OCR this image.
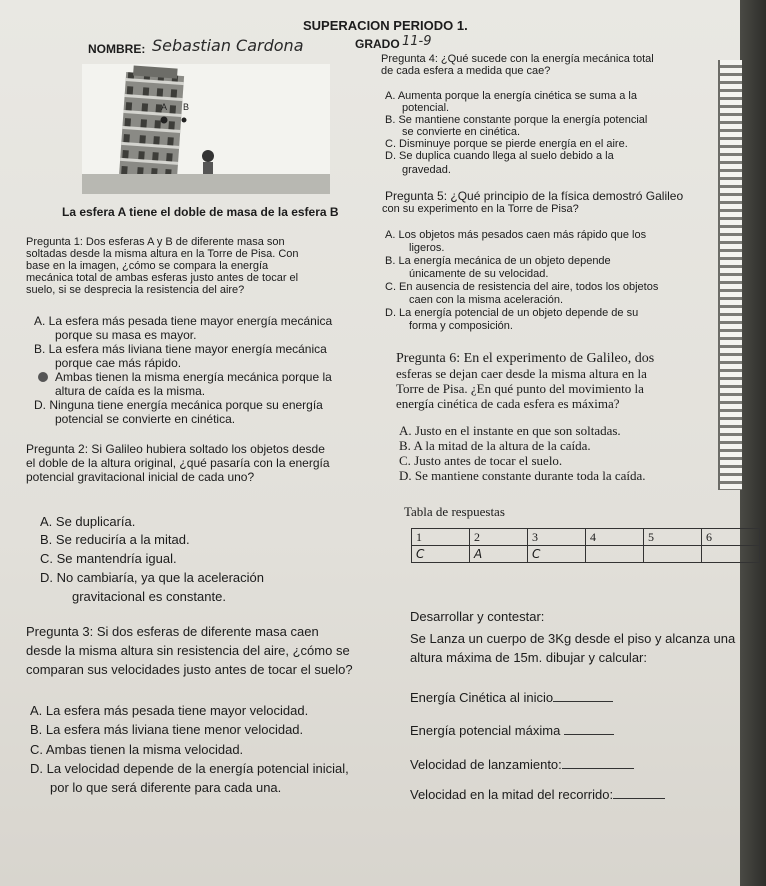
SUPERACION PERIODO 1.
NOMBRE: Sebastian Cardona	GRADO 11-9
A B
La esfera A tiene el doble de masa de la esfera B
Pregunta 1: Dos esferas A y B de diferente masa son
soltadas desde la misma altura en la Torre de Pisa. Con
base en la imagen, ¿cómo se compara la energía
mecánica total de ambas esferas justo antes de tocar el
suelo, si se desprecia la resistencia del aire?
A. La esfera más pesada tiene mayor energía mecánica
porque su masa es mayor.
B. La esfera más liviana tiene mayor energía mecánica
porque cae más rápido.
Ambas tienen la misma energía mecánica porque la
altura de caída es la misma.
D. Ninguna tiene energía mecánica porque su energía
potencial se convierte en cinética.
Pregunta 2: Si Galileo hubiera soltado los objetos desde
el doble de la altura original, ¿qué pasaría con la energía
potencial gravitacional inicial de cada uno?
A. Se duplicaría.
B. Se reduciría a la mitad.
C. Se mantendría igual.
D. No cambiaría, ya que la aceleración
gravitacional es constante.
Pregunta 3: Si dos esferas de diferente masa caen
desde la misma altura sin resistencia del aire, ¿cómo se
comparan sus velocidades justo antes de tocar el suelo?
A. La esfera más pesada tiene mayor velocidad.
B. La esfera más liviana tiene menor velocidad.
C. Ambas tienen la misma velocidad.
D. La velocidad depende de la energía potencial inicial,
por lo que será diferente para cada una.
Pregunta 4: ¿Qué sucede con la energía mecánica total
de cada esfera a medida que cae?
A. Aumenta porque la energía cinética se suma a la
potencial.
B. Se mantiene constante porque la energía potencial
se convierte en cinética.
C. Disminuye porque se pierde energía en el aire.
D. Se duplica cuando llega al suelo debido a la
gravedad.
Pregunta 5: ¿Qué principio de la física demostró Galileo
con su experimento en la Torre de Pisa?
A. Los objetos más pesados caen más rápido que los
ligeros.
B. La energía mecánica de un objeto depende
únicamente de su velocidad.
C. En ausencia de resistencia del aire, todos los objetos
caen con la misma aceleración.
D. La energía potencial de un objeto depende de su
forma y composición.
Pregunta 6: En el experimento de Galileo, dos
esferas se dejan caer desde la misma altura en la
Torre de Pisa. ¿En qué punto del movimiento la
energía cinética de cada esfera es máxima?
A. Justo en el instante en que son soltadas.
B. A la mitad de la altura de la caída.
C. Justo antes de tocar el suelo.
D. Se mantiene constante durante toda la caída.
Tabla de respuestas
1	2	3	4	5	6
C	A	C			
Desarrollar y contestar:
Se Lanza un cuerpo de 3Kg desde el piso y alcanza una
altura máxima de 15m. dibujar y calcular:
Energía Cinética al inicio
Energía potencial máxima
Velocidad de lanzamiento:
Velocidad en la mitad del recorrido:
